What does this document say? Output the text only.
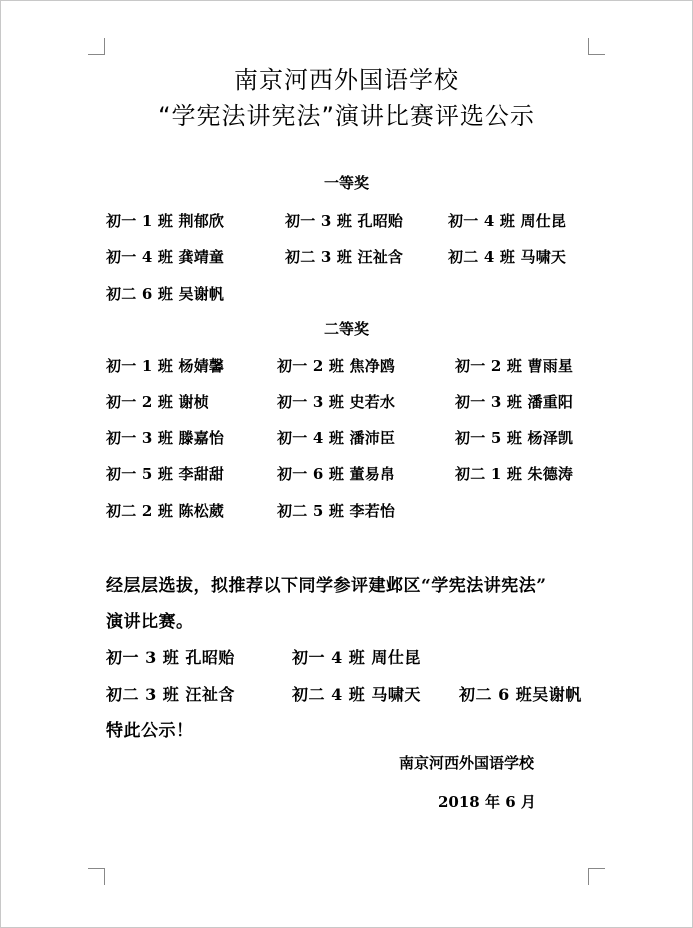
南京河西外国语学校
“学宪法讲宪法”演讲比赛评选公示
一等奖
初一 1 班 荆郁欣	初一 3 班 孔昭贻	初一 4 班 周仕昆
初一 4 班 龚靖童	初二 3 班 汪祉含	初二 4 班 马啸天
初二 6 班 吴谢帆
二等奖
初一 1 班 杨婧馨	初一 2 班 焦净鸥	初一 2 班 曹雨星
初一 2 班 谢桢	初一 3 班 史若水	初一 3 班 潘重阳
初一 3 班 滕嘉怡	初一 4 班 潘沛臣	初一 5 班 杨泽凯
初一 5 班 李甜甜	初一 6 班 董易帛	初二 1 班 朱德涛
初二 2 班 陈松葳	初二 5 班 李若怡
经层层选拔，拟推荐以下同学参评建邺区“学宪法讲宪法”
演讲比赛。
初一 3 班 孔昭贻	初一 4 班 周仕昆
初二 3 班 汪祉含	初二 4 班 马啸天 初二 6 班吴谢帆
特此公示！
南京河西外国语学校
2018 年 6 月
